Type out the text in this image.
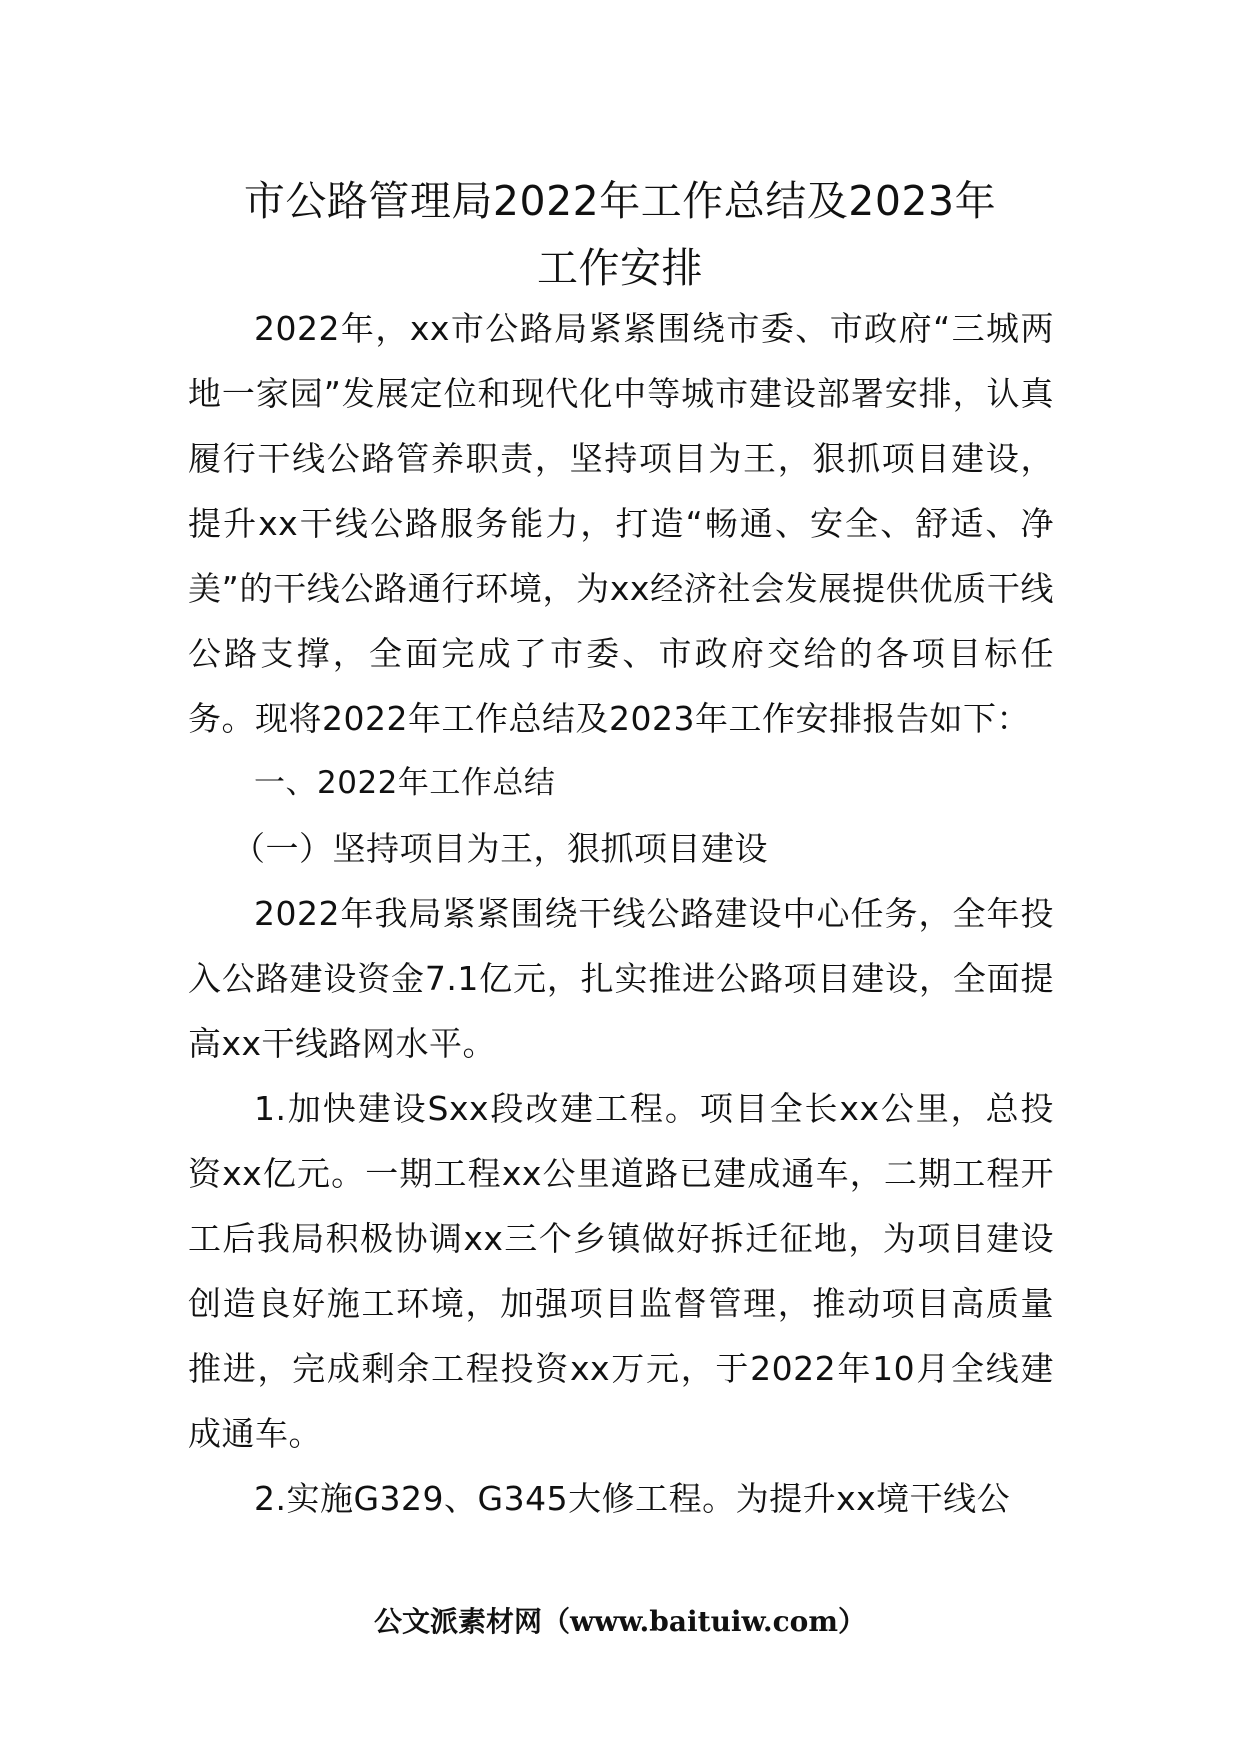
市公路管理局2022年工作总结及2023年
工作安排

2022年，xx市公路局紧紧围绕市委、市政府“三城两地一家园”发展定位和现代化中等城市建设部署安排，认真履行干线公路管养职责，坚持项目为王，狠抓项目建设，提升xx干线公路服务能力，打造“畅通、安全、舒适、净美”的干线公路通行环境，为xx经济社会发展提供优质干线公路支撑，全面完成了市委、市政府交给的各项目标任务。现将2022年工作总结及2023年工作安排报告如下：

一、2022年工作总结

（一）坚持项目为王，狠抓项目建设

2022年我局紧紧围绕干线公路建设中心任务，全年投入公路建设资金7.1亿元，扎实推进公路项目建设，全面提高xx干线路网水平。

1.加快建设Sxx段改建工程。项目全长xx公里，总投资xx亿元。一期工程xx公里道路已建成通车，二期工程开工后我局积极协调xx三个乡镇做好拆迁征地，为项目建设创造良好施工环境，加强项目监督管理，推动项目高质量推进，完成剩余工程投资xx万元，于2022年10月全线建成通车。

2.实施G329、G345大修工程。为提升xx境干线公

公文派素材网（www.baituiw.com）
